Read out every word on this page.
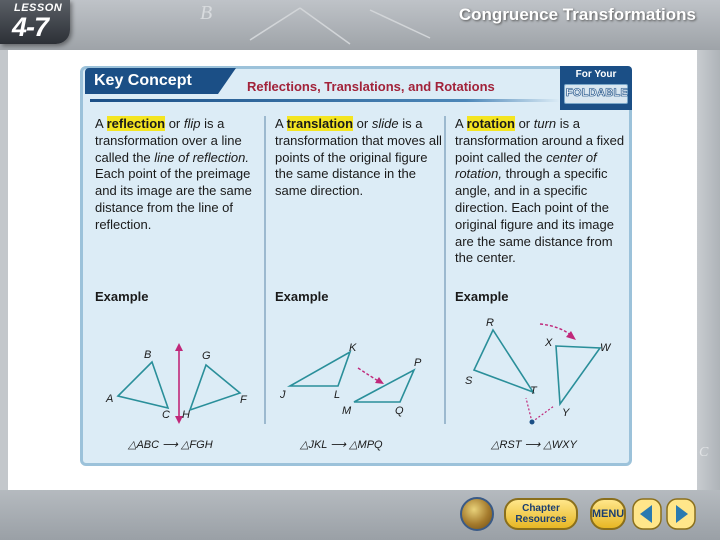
B
LESSON
4-7	Congruence Transformations
C
Key Concept	Reflections, Translations, and Rotations
For Your
FOLDABLE
A reflection or flip is a transformation over a line called the line of reflection. Each point of the preimage and its image are the same distance from the line of reflection.
A translation or slide is a transformation that moves all points of the original figure the same distance in the same direction.
A rotation or turn is a transformation around a fixed point called the center of rotation, through a specific angle, and in a specific direction. Each point of the original figure and its image are the same distance from the center.
Example	Example	Example
B	G
A
C H
F
K
P
J	L
M	Q
R
X	W
S
T
Y
△ABC ⟶ △FGH	△JKL ⟶ △MPQ	△RST ⟶ △WXY
Chapter Resources	MENU
